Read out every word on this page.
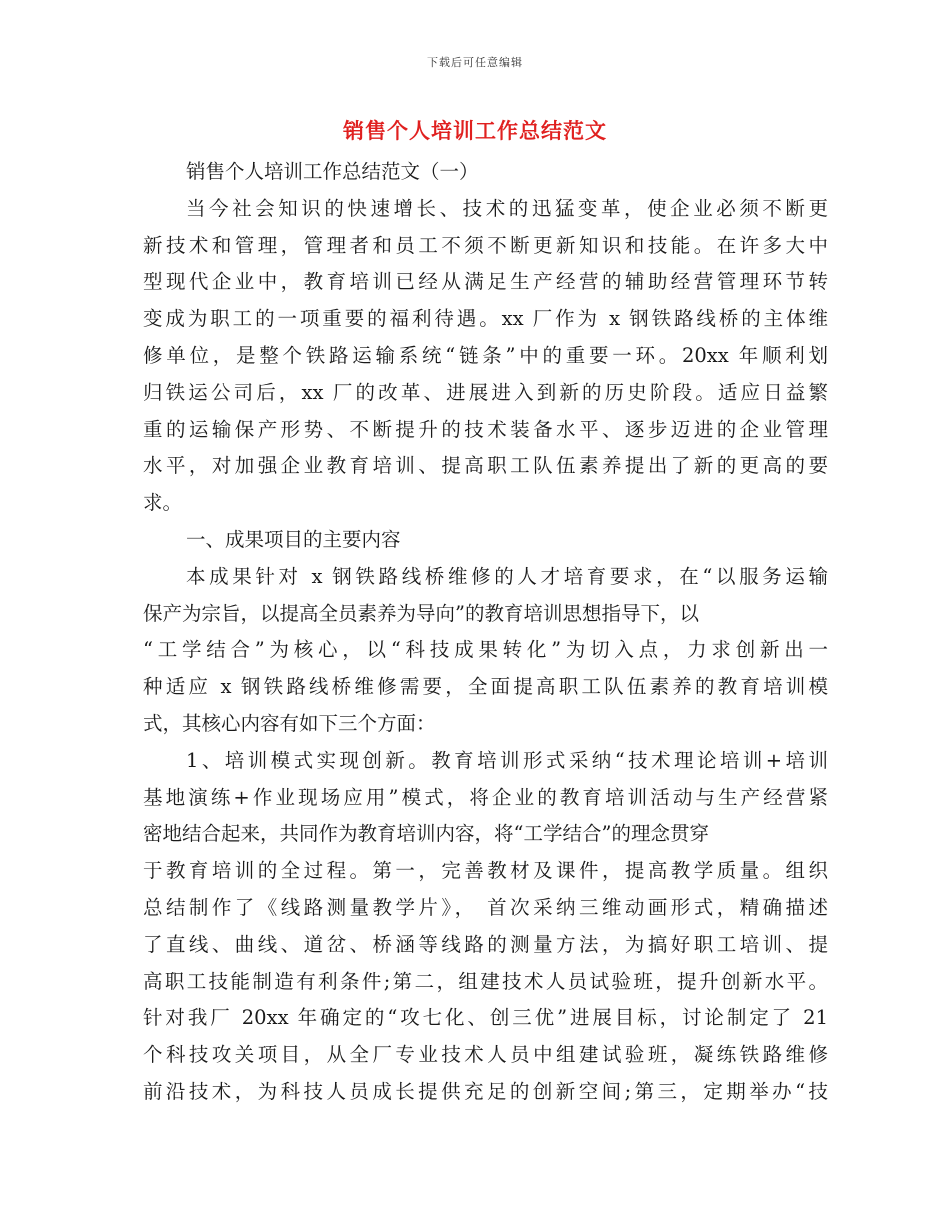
下载后可任意编辑
销售个人培训工作总结范文
销售个人培训工作总结范文（一）
当今社会知识的快速增长、技术的迅猛变革，使企业必须不断更
新技术和管理，管理者和员工不须不断更新知识和技能。在许多大中
型现代企业中，教育培训已经从满足生产经营的辅助经营管理环节转
变成为职工的一项重要的福利待遇。xx 厂作为 x 钢铁路线桥的主体维
修单位，是整个铁路运输系统“链条”中的重要一环。20xx 年顺利划
归铁运公司后，xx 厂的改革、进展进入到新的历史阶段。适应日益繁
重的运输保产形势、不断提升的技术装备水平、逐步迈进的企业管理
水平，对加强企业教育培训、提高职工队伍素养提出了新的更高的要
求。
一、成果项目的主要内容
本成果针对 x 钢铁路线桥维修的人才培育要求，在“以服务运输
保产为宗旨，以提高全员素养为导向”的教育培训思想指导下，以
“工学结合”为核心，以“科技成果转化”为切入点，力求创新出一
种适应 x 钢铁路线桥维修需要，全面提高职工队伍素养的教育培训模
式，其核心内容有如下三个方面：
1、培训模式实现创新。教育培训形式采纳“技术理论培训+培训
基地演练+作业现场应用”模式，将企业的教育培训活动与生产经营紧
密地结合起来，共同作为教育培训内容，将“工学结合”的理念贯穿
于教育培训的全过程。第一，完善教材及课件，提高教学质量。组织
总结制作了《线路测量教学片》， 首次采纳三维动画形式，精确描述
了直线、曲线、道岔、桥涵等线路的测量方法，为搞好职工培训、提
高职工技能制造有利条件;第二，组建技术人员试验班，提升创新水平。
针对我厂 20xx 年确定的“攻七化、创三优”进展目标，讨论制定了 21
个科技攻关项目，从全厂专业技术人员中组建试验班，凝练铁路维修
前沿技术，为科技人员成长提供充足的创新空间;第三，定期举办“技
